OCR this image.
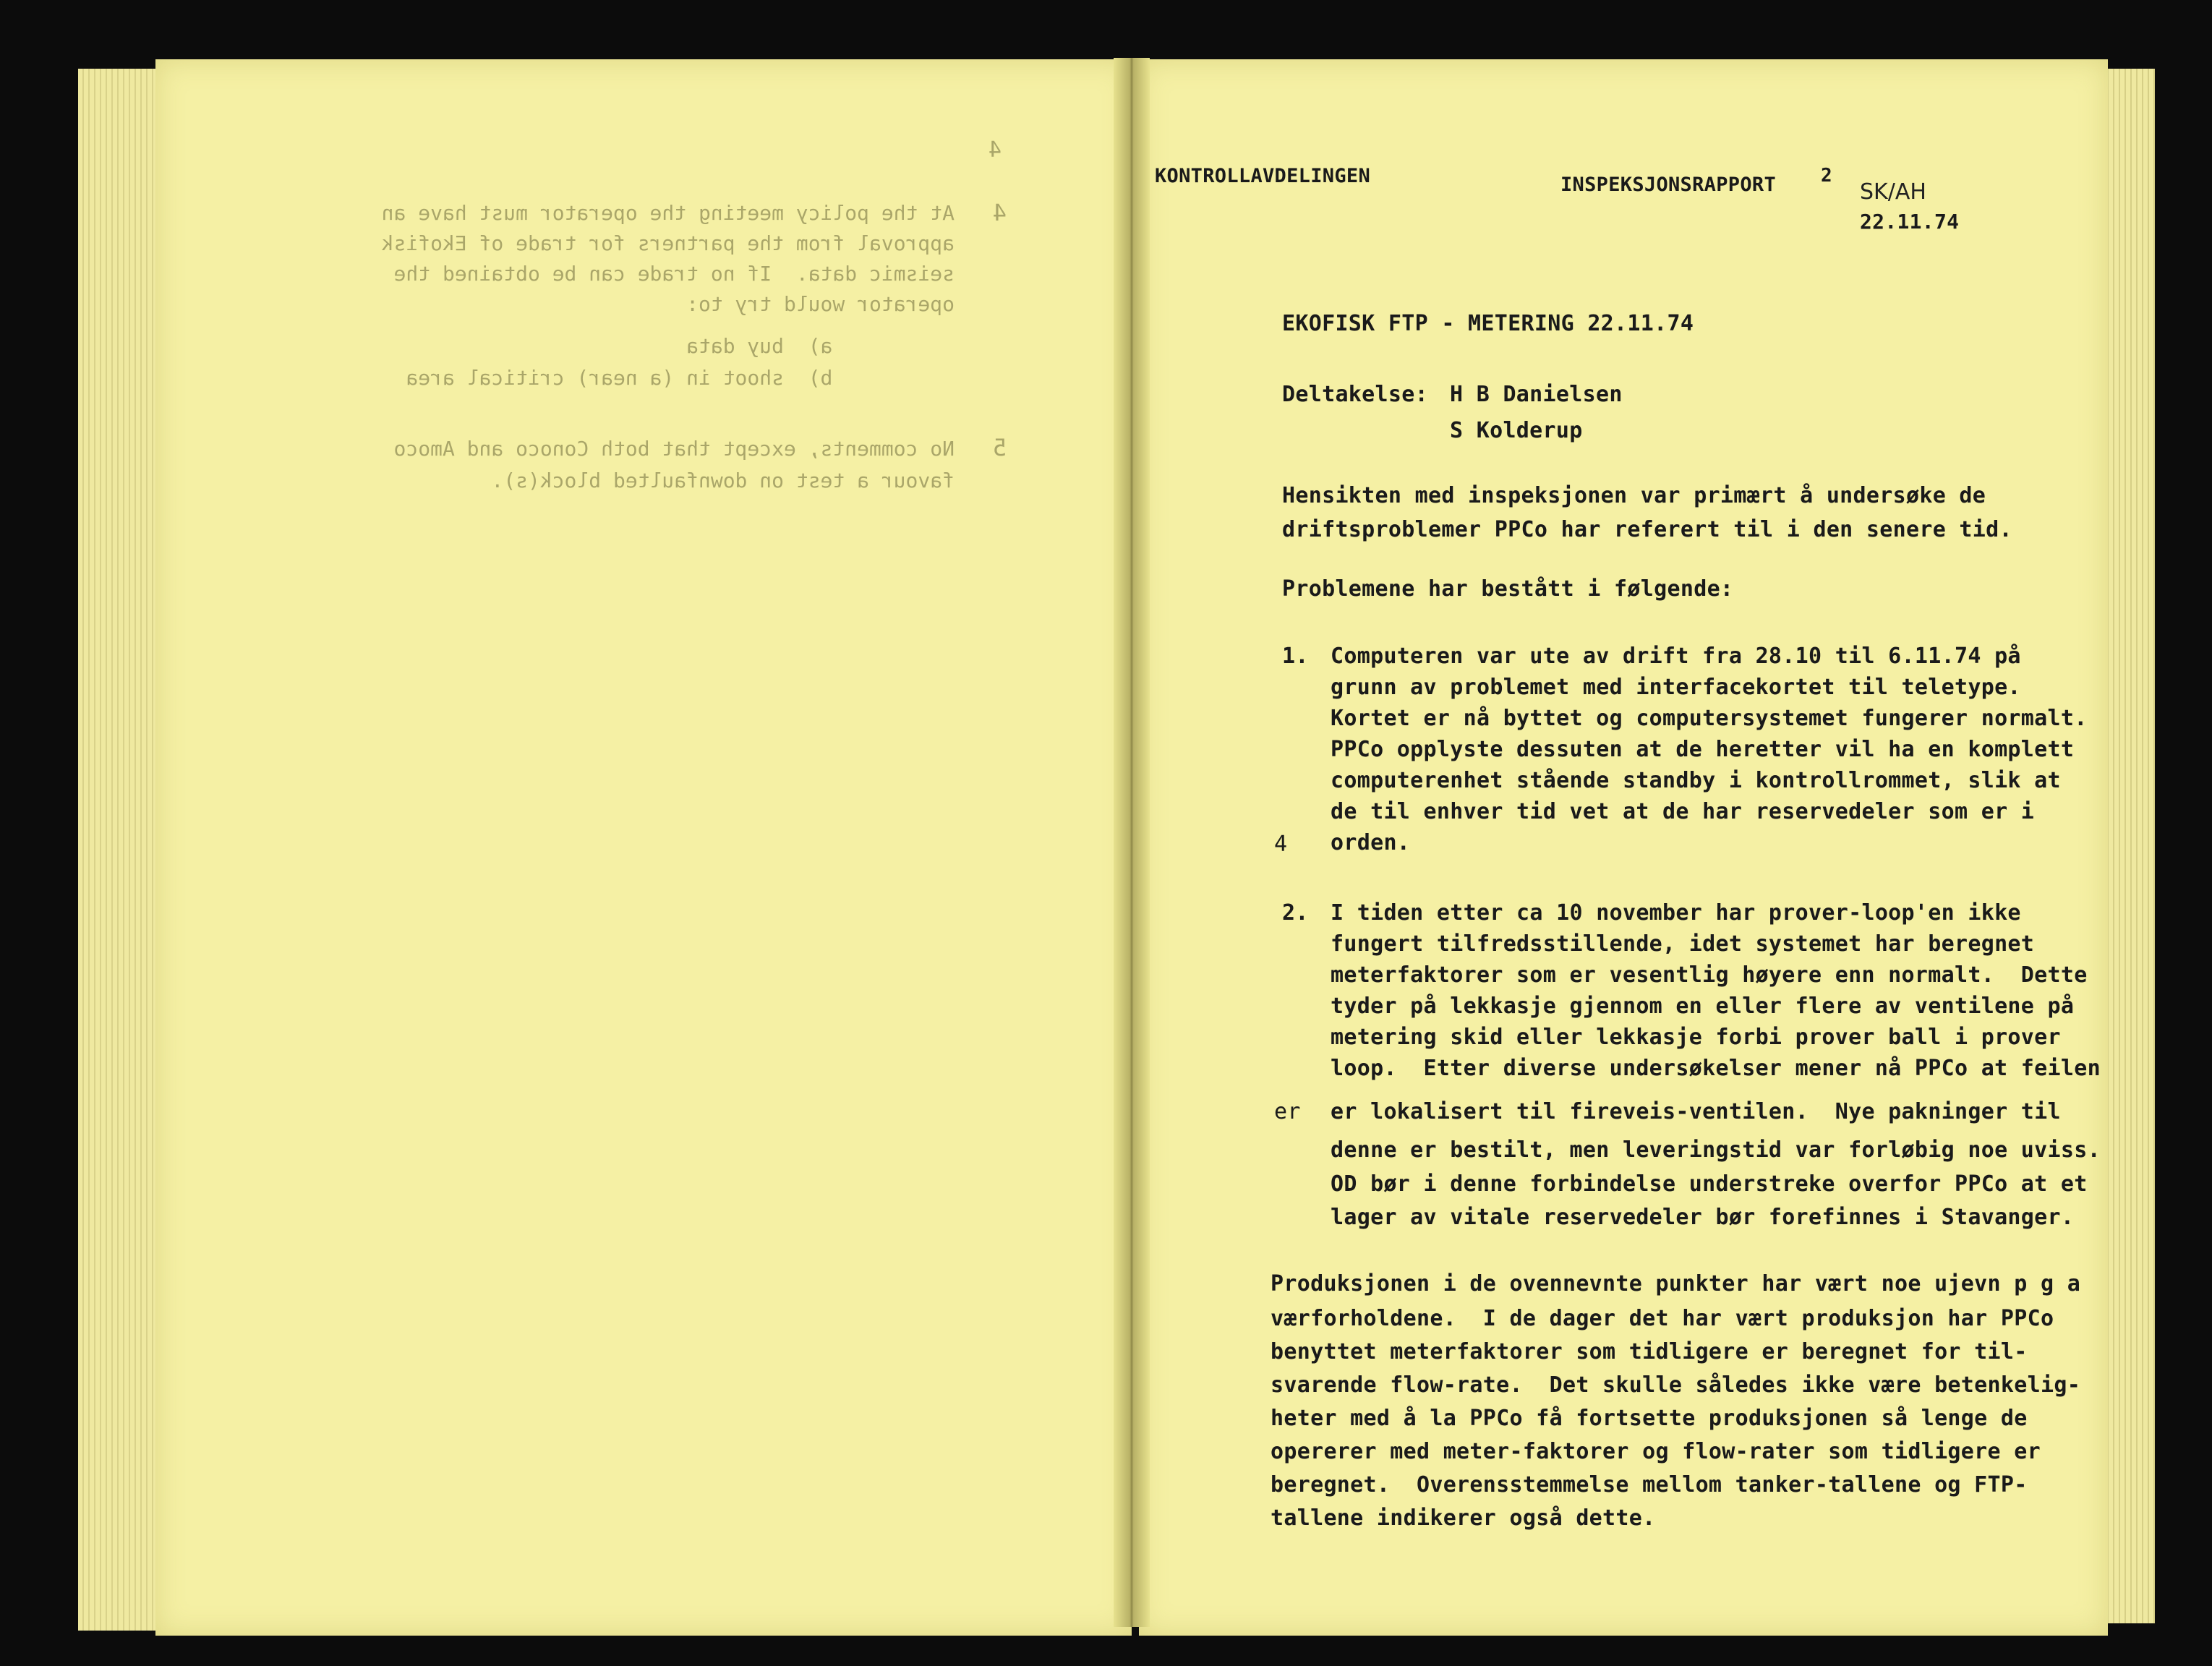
4
4
At the policy meeting the operator must have an
approval from the partners for trade of Ekofisk
seismic data.  If no trade can be obtained the
operator would try to:
a)  buy data
b)  shoot in (a near) critical area
5
No comments, except that both Conoco and Amoco
favour a test on downfaulted block(s).
KONTROLLAVDELINGEN	INSPEKSJONSRAPPORT 2
SK/AH
22.11.74
EKOFISK FTP - METERING 22.11.74
Deltakelse: H B Danielsen
S Kolderup
Hensikten med inspeksjonen var primært å undersøke de
driftsproblemer PPCo har referert til i den senere tid.
Problemene har bestått i følgende:
1. Computeren var ute av drift fra 28.10 til 6.11.74 på
grunn av problemet med interfacekortet til teletype.
Kortet er nå byttet og computersystemet fungerer normalt.
PPCo opplyste dessuten at de heretter vil ha en komplett
computerenhet stående standby i kontrollrommet, slik at
de til enhver tid vet at de har reservedeler som er i
orden.
4
2. I tiden etter ca 10 november har prover-loop'en ikke
fungert tilfredsstillende, idet systemet har beregnet
meterfaktorer som er vesentlig høyere enn normalt.  Dette
tyder på lekkasje gjennom en eller flere av ventilene på
metering skid eller lekkasje forbi prover ball i prover
loop.  Etter diverse undersøkelser mener nå PPCo at feilen
er lokalisert til fireveis-ventilen.  Nye pakninger til
denne er bestilt, men leveringstid var forløbig noe uviss.
OD bør i denne forbindelse understreke overfor PPCo at et
lager av vitale reservedeler bør forefinnes i Stavanger.
er
Produksjonen i de ovennevnte punkter har vært noe ujevn p g a
værforholdene.  I de dager det har vært produksjon har PPCo
benyttet meterfaktorer som tidligere er beregnet for til-
svarende flow-rate.  Det skulle således ikke være betenkelig-
heter med å la PPCo få fortsette produksjonen så lenge de
opererer med meter-faktorer og flow-rater som tidligere er
beregnet.  Overensstemmelse mellom tanker-tallene og FTP-
tallene indikerer også dette.
